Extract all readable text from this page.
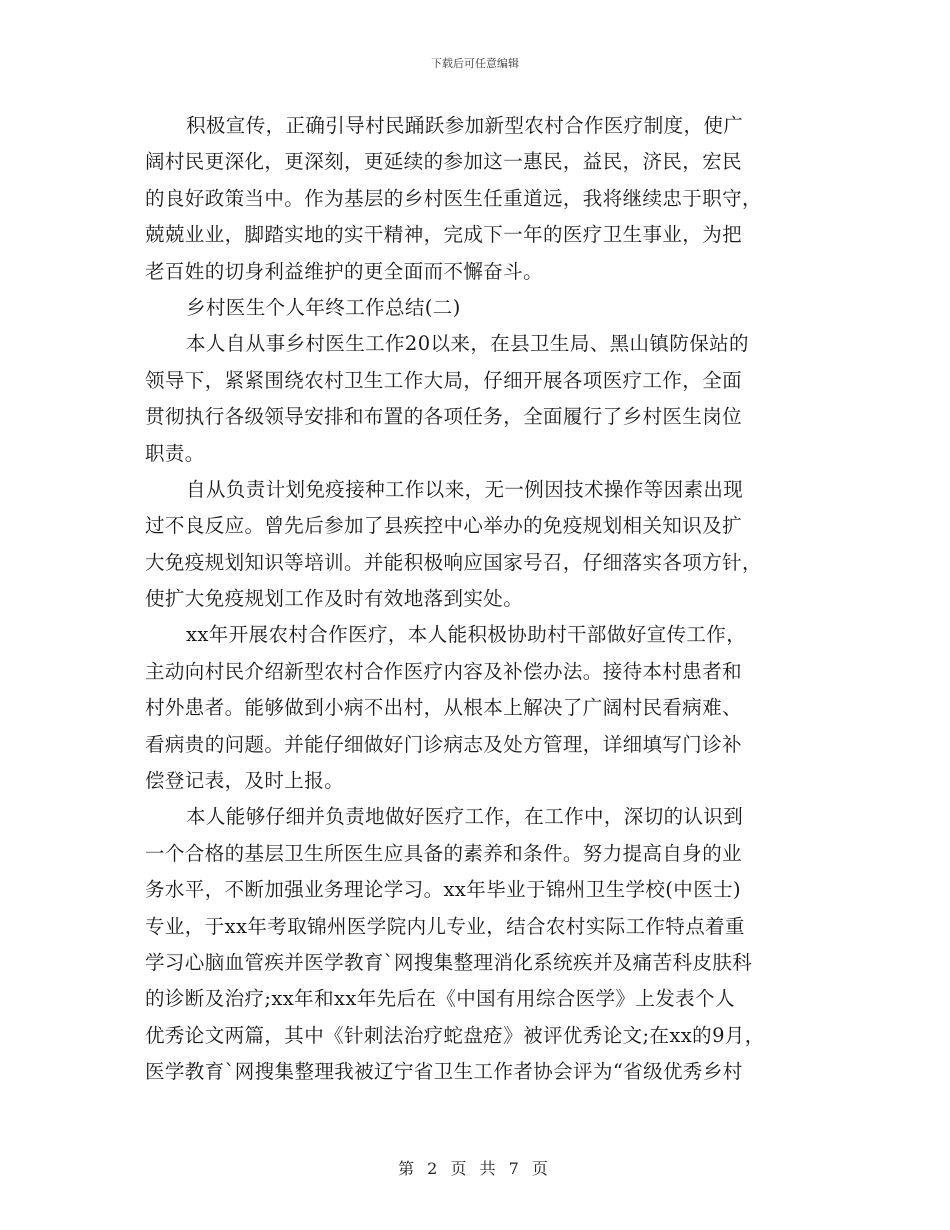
下载后可任意编辑
积极宣传，正确引导村民踊跃参加新型农村合作医疗制度，使广
阔村民更深化，更深刻，更延续的参加这一惠民，益民，济民，宏民
的良好政策当中。作为基层的乡村医生任重道远，我将继续忠于职守，
兢兢业业，脚踏实地的实干精神，完成下一年的医疗卫生事业，为把
老百姓的切身利益维护的更全面而不懈奋斗。
乡村医生个人年终工作总结(二)
本人自从事乡村医生工作20以来，在县卫生局、黑山镇防保站的
领导下，紧紧围绕农村卫生工作大局，仔细开展各项医疗工作，全面
贯彻执行各级领导安排和布置的各项任务，全面履行了乡村医生岗位
职责。
自从负责计划免疫接种工作以来，无一例因技术操作等因素出现
过不良反应。曾先后参加了县疾控中心举办的免疫规划相关知识及扩
大免疫规划知识等培训。并能积极响应国家号召，仔细落实各项方针，
使扩大免疫规划工作及时有效地落到实处。
xx年开展农村合作医疗，本人能积极协助村干部做好宣传工作，
主动向村民介绍新型农村合作医疗内容及补偿办法。接待本村患者和
村外患者。能够做到小病不出村，从根本上解决了广阔村民看病难、
看病贵的问题。并能仔细做好门诊病志及处方管理，详细填写门诊补
偿登记表，及时上报。
本人能够仔细并负责地做好医疗工作，在工作中，深切的认识到
一个合格的基层卫生所医生应具备的素养和条件。努力提高自身的业
务水平，不断加强业务理论学习。xx年毕业于锦州卫生学校(中医士)
专业，于xx年考取锦州医学院内儿专业，结合农村实际工作特点着重
学习心脑血管疾并医学教育`网搜集整理消化系统疾并及痛苦科皮肤科
的诊断及治疗;xx年和xx年先后在《中国有用综合医学》上发表个人
优秀论文两篇，其中《针刺法治疗蛇盘疮》被评优秀论文;在xx的9月，
医学教育`网搜集整理我被辽宁省卫生工作者协会评为“省级优秀乡村
第 2 页 共 7 页
